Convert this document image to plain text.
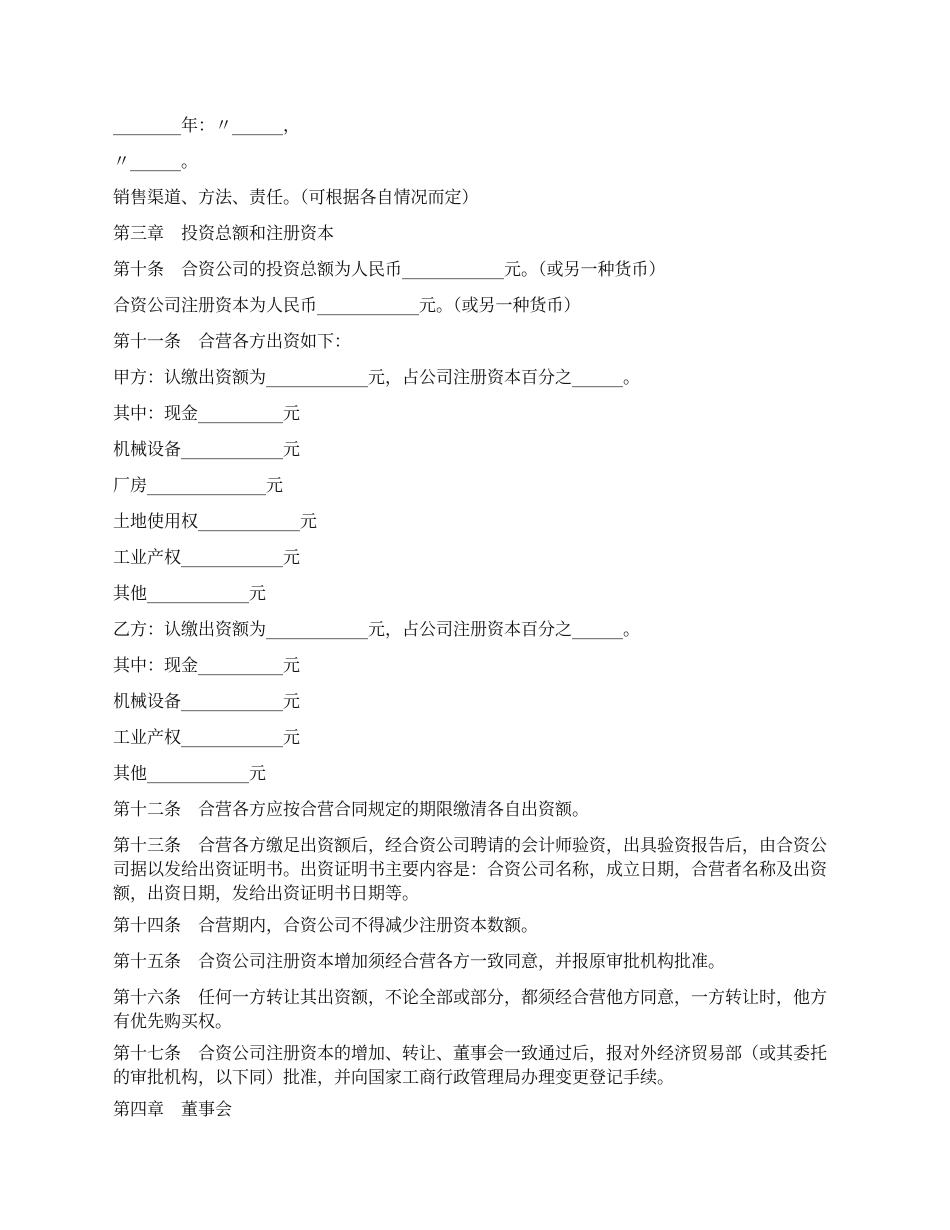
________年：〃______，

〃______。

销售渠道、方法、责任。（可根据各自情况而定）

第三章　投资总额和注册资本

第十条　合资公司的投资总额为人民币____________元。（或另一种货币）

合资公司注册资本为人民币____________元。（或另一种货币）

第十一条　合营各方出资如下：

甲方：认缴出资额为____________元，占公司注册资本百分之______。

其中：现金__________元

机械设备____________元

厂房______________元

土地使用权____________元

工业产权____________元

其他____________元

乙方：认缴出资额为____________元，占公司注册资本百分之______。

其中：现金__________元

机械设备____________元

工业产权____________元

其他____________元

第十二条　合营各方应按合营合同规定的期限缴清各自出资额。

第十三条　合营各方缴足出资额后，经合资公司聘请的会计师验资，出具验资报告后，由合资公司据以发给出资证明书。出资证明书主要内容是：合资公司名称，成立日期，合营者名称及出资额，出资日期，发给出资证明书日期等。

第十四条　合营期内，合资公司不得减少注册资本数额。

第十五条　合资公司注册资本增加须经合营各方一致同意，并报原审批机构批准。

第十六条　任何一方转让其出资额，不论全部或部分，都须经合营他方同意，一方转让时，他方有优先购买权。

第十七条　合资公司注册资本的增加、转让、董事会一致通过后，报对外经济贸易部（或其委托的审批机构，以下同）批准，并向国家工商行政管理局办理变更登记手续。

第四章　董事会
